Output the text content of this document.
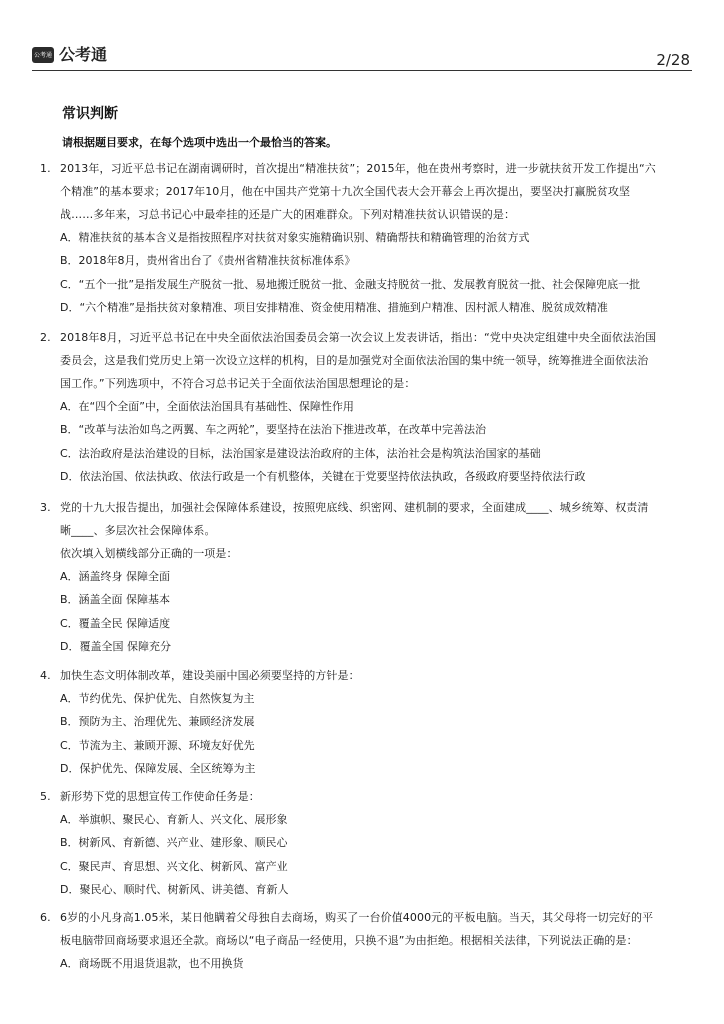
公考通 公考通	2/28
常识判断
请根据题目要求，在每个选项中选出一个最恰当的答案。
1. 2013年，习近平总书记在湖南调研时，首次提出“精准扶贫”；2015年，他在贵州考察时，进一步就扶贫开发工作提出“六
个精准”的基本要求；2017年10月，他在中国共产党第十九次全国代表大会开幕会上再次提出，要坚决打赢脱贫攻坚
战……多年来，习总书记心中最牵挂的还是广大的困难群众。下列对精准扶贫认识错误的是：
A．精准扶贫的基本含义是指按照程序对扶贫对象实施精确识别、精确帮扶和精确管理的治贫方式
B．2018年8月，贵州省出台了《贵州省精准扶贫标准体系》
C．“五个一批”是指发展生产脱贫一批、易地搬迁脱贫一批、金融支持脱贫一批、发展教育脱贫一批、社会保障兜底一批
D．“六个精准”是指扶贫对象精准、项目安排精准、资金使用精准、措施到户精准、因村派人精准、脱贫成效精准
2. 2018年8月，习近平总书记在中央全面依法治国委员会第一次会议上发表讲话，指出：“党中央决定组建中央全面依法治国
委员会，这是我们党历史上第一次设立这样的机构，目的是加强党对全面依法治国的集中统一领导，统筹推进全面依法治
国工作。”下列选项中，不符合习总书记关于全面依法治国思想理论的是：
A．在“四个全面”中，全面依法治国具有基础性、保障性作用
B．“改革与法治如鸟之两翼、车之两轮”，要坚持在法治下推进改革，在改革中完善法治
C．法治政府是法治建设的目标，法治国家是建设法治政府的主体，法治社会是构筑法治国家的基础
D．依法治国、依法执政、依法行政是一个有机整体，关键在于党要坚持依法执政，各级政府要坚持依法行政
3. 党的十九大报告提出，加强社会保障体系建设，按照兜底线、织密网、建机制的要求，全面建成____、城乡统筹、权责清
晰____、多层次社会保障体系。
依次填入划横线部分正确的一项是：
A．涵盖终身 保障全面
B．涵盖全面 保障基本
C．覆盖全民 保障适度
D．覆盖全国 保障充分
4. 加快生态文明体制改革，建设美丽中国必须要坚持的方针是：
A．节约优先、保护优先、自然恢复为主
B．预防为主、治理优先、兼顾经济发展
C．节流为主、兼顾开源、环境友好优先
D．保护优先、保障发展、全区统筹为主
5. 新形势下党的思想宣传工作使命任务是：
A．举旗帜、聚民心、育新人、兴文化、展形象
B．树新风、育新德、兴产业、建形象、顺民心
C．聚民声、育思想、兴文化、树新风、富产业
D．聚民心、顺时代、树新风、讲美德、育新人
6. 6岁的小凡身高1.05米，某日他瞒着父母独自去商场，购买了一台价值4000元的平板电脑。当天，其父母将一切完好的平
板电脑带回商场要求退还全款。商场以“电子商品一经使用，只换不退”为由拒绝。根据相关法律，下列说法正确的是：
A．商场既不用退货退款，也不用换货
